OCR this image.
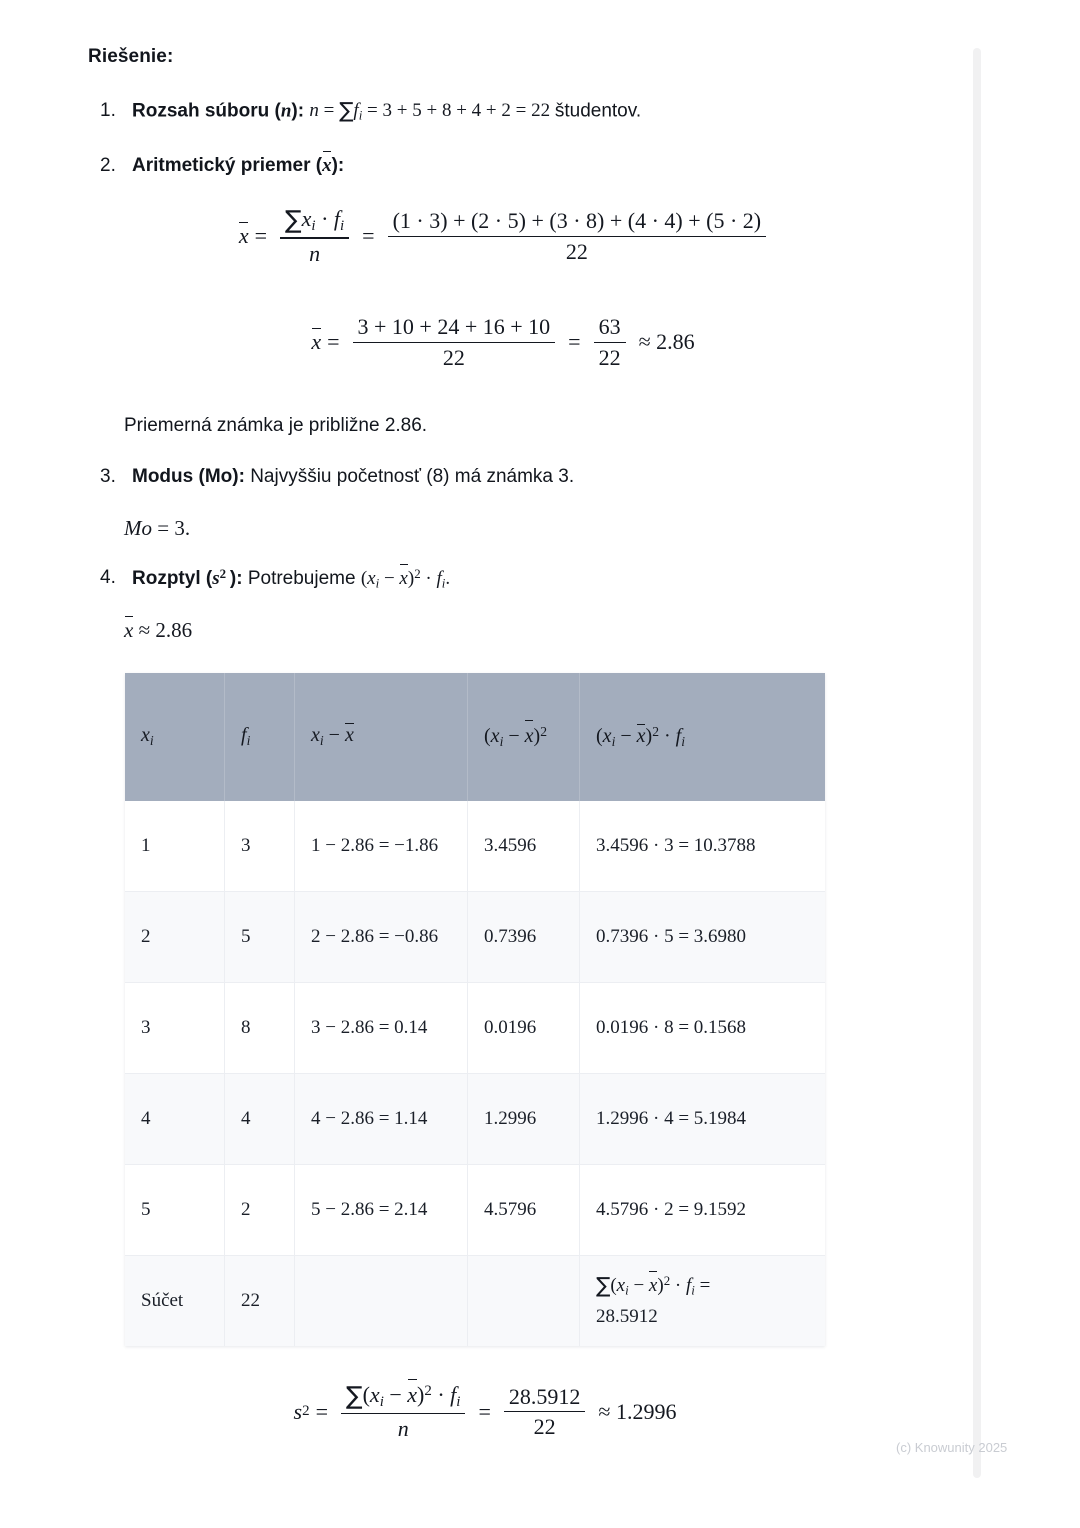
Riešenie:
1. Rozsah súboru (n): $n = \sum f_i = 3 + 5 + 8 + 4 + 2 = 22$ študentov.
2. Aritmetický priemer (x):
$x = \frac{\sum x_i \cdot f_i}{n} = \frac{(1 \cdot 3) + (2 \cdot 5) + (3 \cdot 8) + (4 \cdot 4) + (5 \cdot 2)}{22}$
$x = \frac{3 + 10 + 24 + 16 + 10}{22} = \frac{63}{22} \approx 2.86$
Priemerná známka je približne 2.86.
3. Modus (Mo): Najvyššiu početnosť (8) má známka 3.
Mo = 3.
4. Rozptyl ($s^2$ ): Potrebujeme $(x_i - x)^2 \cdot f_i$.
x ≈ 2.86
$x_i$	$f_i$	$x_i - x$	$(x_i - x)^2$	$(x_i - x)^2 \cdot f_i$
1	3	1 − 2.86 = −1.86	3.4596	3.4596 · 3 = 10.3788
2	5	2 − 2.86 = −0.86	0.7396	0.7396 · 5 = 3.6980
3	8	3 − 2.86 = 0.14	0.0196	0.0196 · 8 = 0.1568
4	4	4 − 2.86 = 1.14	1.2996	1.2996 · 4 = 5.1984
5	2	5 − 2.86 = 2.14	4.5796	4.5796 · 2 = 9.1592
Súčet	22			$\sum(x_i - x)^2 \cdot f_i$ =
28.5912
s $2 = \frac{\sum(x_i - x)^2 \cdot f_i}{n} = \frac{28.5912}{22} \approx 1.2996$
(c) Knowunity 2025
